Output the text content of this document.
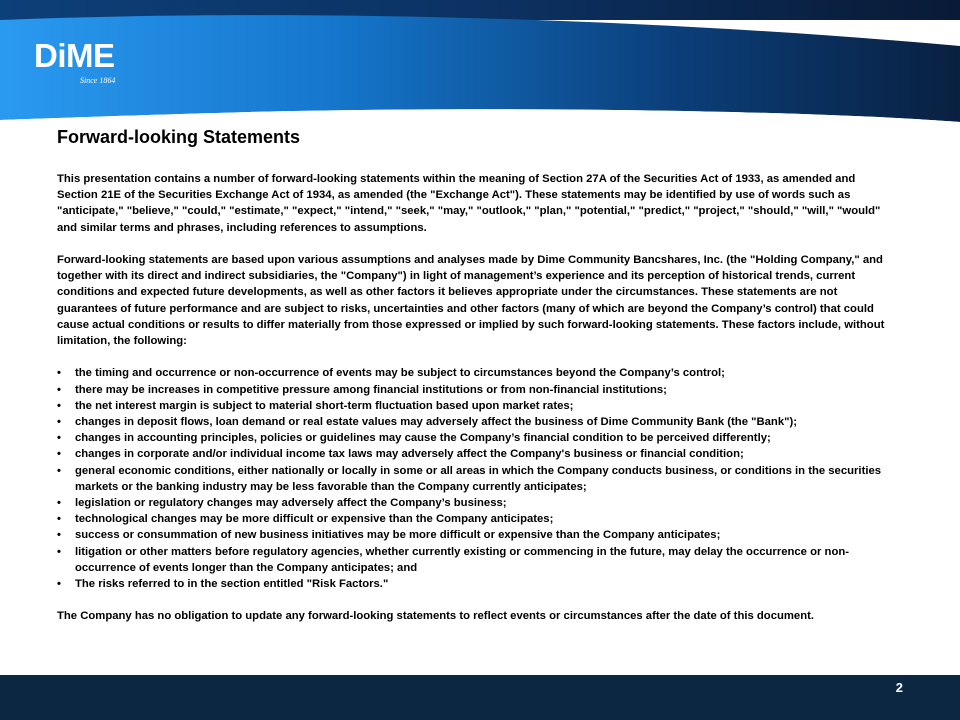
DiME
Since 1864
Forward-looking Statements

This presentation contains a number of forward-looking statements within the meaning of Section 27A of the Securities Act of 1933, as amended and Section 21E of the Securities Exchange Act of 1934, as amended (the "Exchange Act"). These statements may be identified by use of words such as "anticipate," "believe," "could," "estimate," "expect," "intend," "seek," "may," "outlook," "plan," "potential," "predict," "project," "should," "will," "would" and similar terms and phrases, including references to assumptions.

Forward-looking statements are based upon various assumptions and analyses made by Dime Community Bancshares, Inc. (the "Holding Company," and together with its direct and indirect subsidiaries, the "Company") in light of management’s experience and its perception of historical trends, current conditions and expected future developments, as well as other factors it believes appropriate under the circumstances. These statements are not guarantees of future performance and are subject to risks, uncertainties and other factors (many of which are beyond the Company’s control) that could cause actual conditions or results to differ materially from those expressed or implied by such forward-looking statements. These factors include, without limitation, the following:

• the timing and occurrence or non-occurrence of events may be subject to circumstances beyond the Company’s control;
• there may be increases in competitive pressure among financial institutions or from non-financial institutions;
• the net interest margin is subject to material short-term fluctuation based upon market rates;
• changes in deposit flows, loan demand or real estate values may adversely affect the business of Dime Community Bank (the "Bank");
• changes in accounting principles, policies or guidelines may cause the Company’s financial condition to be perceived differently;
• changes in corporate and/or individual income tax laws may adversely affect the Company's business or financial condition;
• general economic conditions, either nationally or locally in some or all areas in which the Company conducts business, or conditions in the securities markets or the banking industry may be less favorable than the Company currently anticipates;
• legislation or regulatory changes may adversely affect the Company’s business;
• technological changes may be more difficult or expensive than the Company anticipates;
• success or consummation of new business initiatives may be more difficult or expensive than the Company anticipates;
• litigation or other matters before regulatory agencies, whether currently existing or commencing in the future, may delay the occurrence or non-occurrence of events longer than the Company anticipates; and
• The risks referred to in the section entitled "Risk Factors."

The Company has no obligation to update any forward-looking statements to reflect events or circumstances after the date of this document.

2
